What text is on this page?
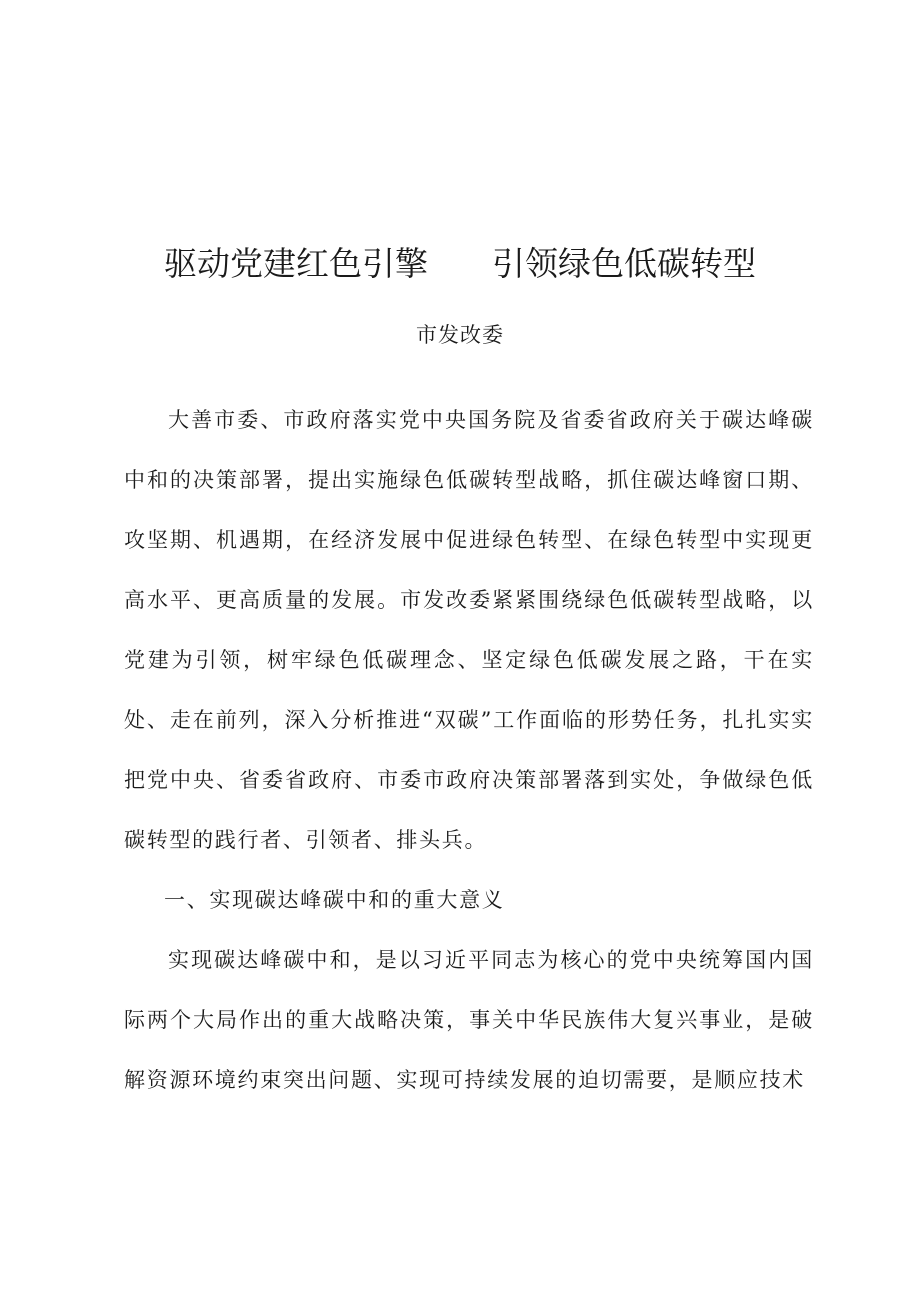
驱动党建红色引擎 引领绿色低碳转型
市发改委

大善市委、市政府落实党中央国务院及省委省政府关于碳达峰碳中和的决策部署，提出实施绿色低碳转型战略，抓住碳达峰窗口期、攻坚期、机遇期，在经济发展中促进绿色转型、在绿色转型中实现更高水平、更高质量的发展。市发改委紧紧围绕绿色低碳转型战略，以党建为引领，树牢绿色低碳理念、坚定绿色低碳发展之路，干在实处、走在前列，深入分析推进“双碳”工作面临的形势任务，扎扎实实把党中央、省委省政府、市委市政府决策部署落到实处，争做绿色低碳转型的践行者、引领者、排头兵。

一、实现碳达峰碳中和的重大意义

实现碳达峰碳中和，是以习近平同志为核心的党中央统筹国内国际两个大局作出的重大战略决策，事关中华民族伟大复兴事业，是破解资源环境约束突出问题、实现可持续发展的迫切需要，是顺应技术
